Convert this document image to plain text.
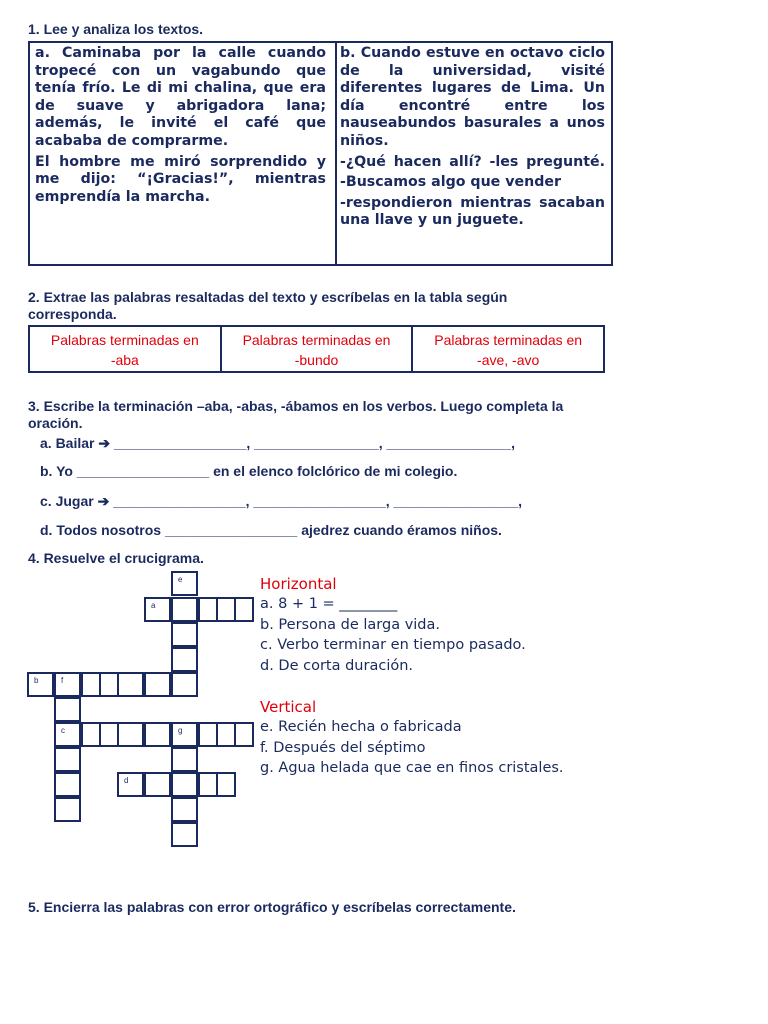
1. Lee y analiza los textos.

a. Caminaba por la calle cuando tropecé con un vagabundo que tenía frío. Le di mi chalina, que era de suave y abrigadora lana; además, le invité el café que acababa de comprarme.

El hombre me miró sorprendido y me dijo: “¡Gracias!”, mientras emprendía la marcha.

b. Cuando estuve en octavo ciclo de la universidad, visité diferentes lugares de Lima. Un día encontré entre los nauseabundos basurales a unos niños.

-¿Qué hacen allí? -les pregunté.

-Buscamos algo que vender

-respondieron mientras sacaban una llave y un juguete.

2. Extrae las palabras resaltadas del texto y escríbelas en la tabla según corresponda.
Palabras terminadas en
-aba
Palabras terminadas en
-bundo
Palabras terminadas en
-ave, -avo
3. Escribe la terminación –aba, -abas, -ábamos en los verbos. Luego completa la oración.
a. Bailar ➔ _________________, ________________, ________________,
b. Yo _________________ en el elenco folclórico de mi colegio.
c. Jugar ➔ _________________, _________________, ________________,
d. Todos nosotros _________________ ajedrez cuando éramos niños.
4. Resuelve el crucigrama.
e
a
b	f
c	g
d
Horizontal
a. 8 + 1 = ________
b. Persona de larga vida.
c. Verbo terminar en tiempo pasado.
d. De corta duración.
Vertical
e. Recién hecha o fabricada
f. Después del séptimo
g. Agua helada que cae en finos cristales.
5. Encierra las palabras con error ortográfico y escríbelas correctamente.
